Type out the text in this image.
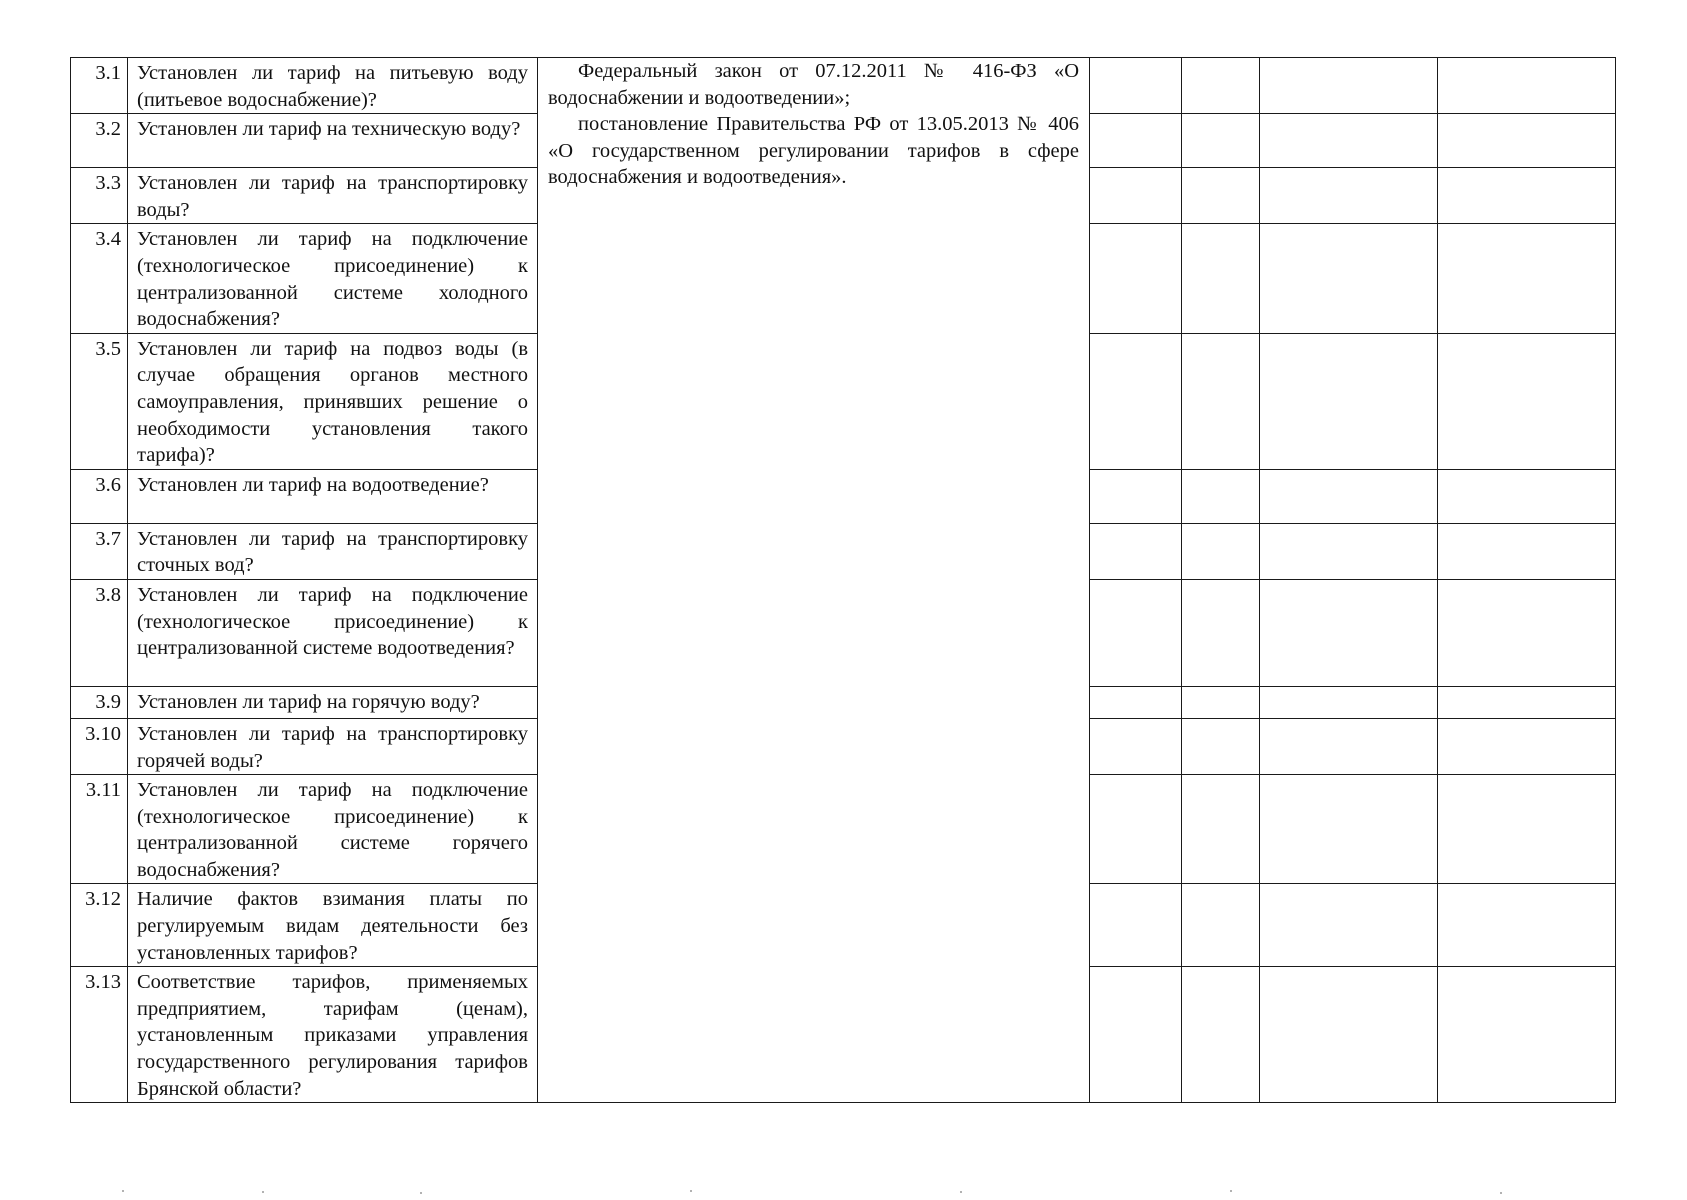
3.1	Установлен ли тариф на питьевую воду (питьевое водоснабжение)?	Федеральный закон от 07.12.2011 № 416-ФЗ «О водоснабжении и водоотведении»;

постановление Правительства РФ от 13.05.2013 № 406 «О государственном регулировании тарифов в сфере водоснабжения и водоотведения».				

3.2	Установлен ли тариф на техническую воду?					

3.3	Установлен ли тариф на транспортировку воды?					

3.4	Установлен ли тариф на подключение (технологическое присоединение) к централизованной системе холодного водоснабжения?					

3.5	Установлен ли тариф на подвоз воды (в случае обращения органов местного самоуправления, принявших решение о необходимости установления такого тарифа)?					

3.6	Установлен ли тариф на водоотведение?					

3.7	Установлен ли тариф на транспортировку сточных вод?					

3.8	Установлен ли тариф на подключение (технологическое присоединение) к централизованной системе водоотведения?					

3.9	Установлен ли тариф на горячую воду?					

3.10	Установлен ли тариф на транспортировку горячей воды?					

3.11	Установлен ли тариф на подключение (технологическое присоединение) к централизованной системе горячего водоснабжения?					

3.12	Наличие фактов взимания платы по регулируемым видам деятельности без установленных тарифов?					

3.13	Соответствие тарифов, применяемых предприятием, тарифам (ценам), установленным приказами управления государственного регулирования тарифов Брянской области?					
